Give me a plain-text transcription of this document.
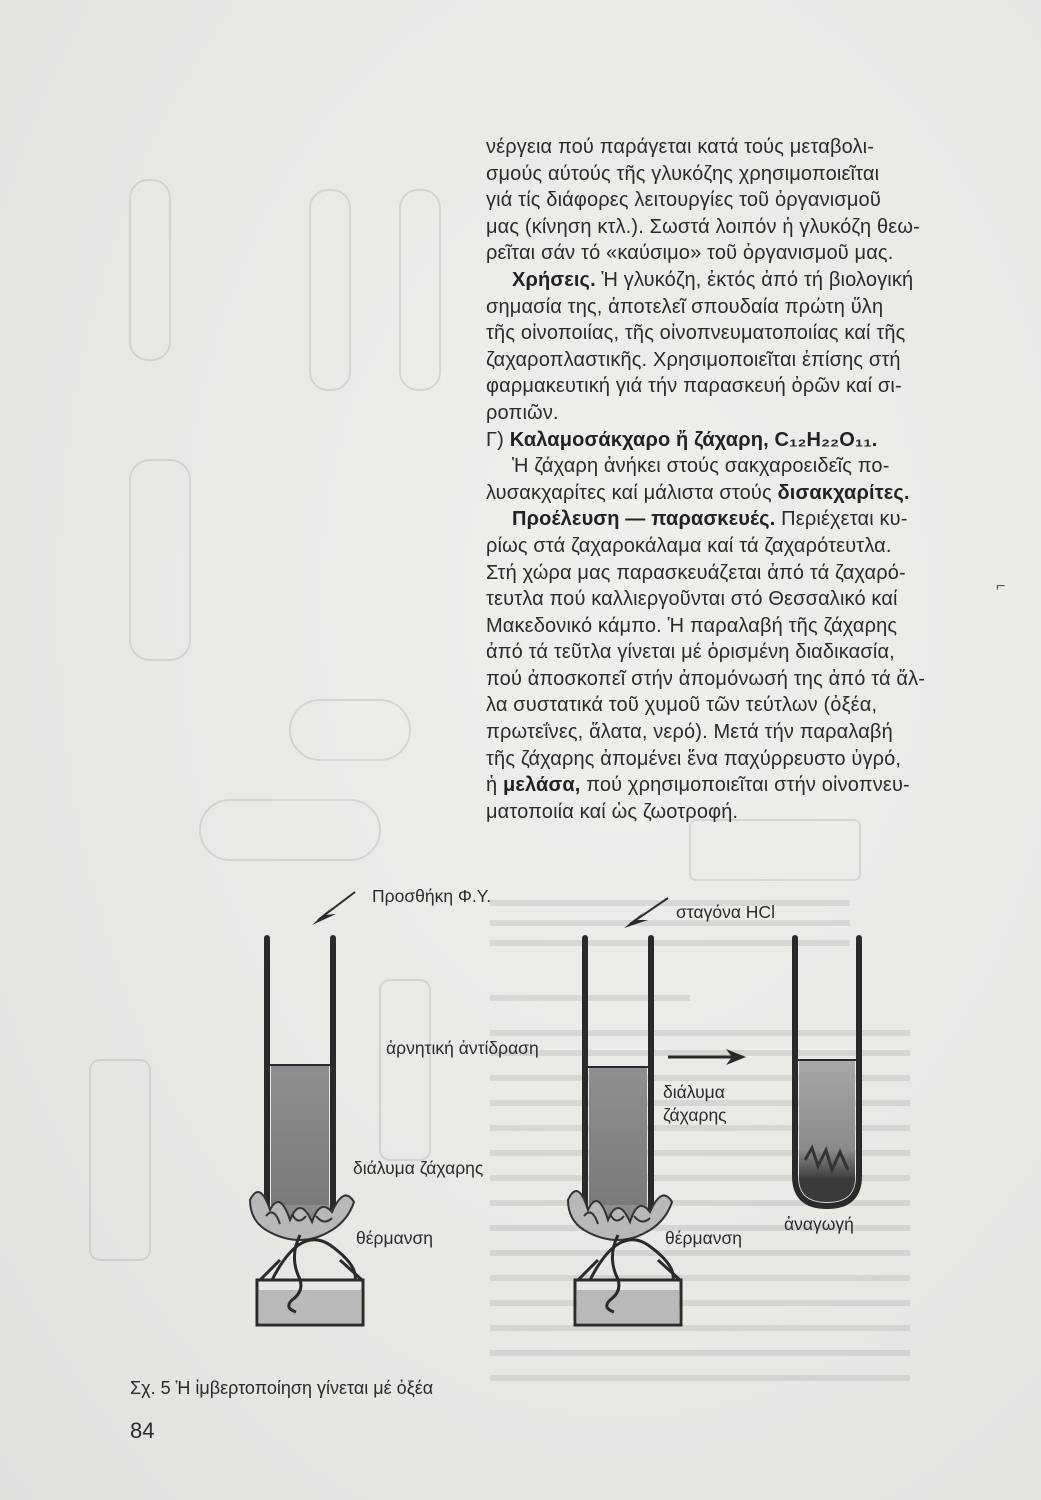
νέργεια πού παράγεται κατά τούς μεταβολι-

σμούς αύτούς τῆς γλυκόζης χρησιμοποιεῖται

γιά τίς διάφορες λειτουργίες τοῦ ὀργανισμοῦ

μας (κίνηση κτλ.). Σωστά λοιπόν ἡ γλυκόζη θεω-

ρεῖται σάν τό «καύσιμο» τοῦ ὀργανισμοῦ μας.

Χρήσεις. Ἡ γλυκόζη, ἐκτός ἀπό τή βιολογική

σημασία της, ἀποτελεῖ σπουδαία πρώτη ὕλη

τῆς οἰνοποιίας, τῆς οἰνοπνευματοποιίας καί τῆς

ζαχαροπλαστικῆς. Χρησιμοποιεῖται ἐπίσης στή

φαρμακευτική γιά τήν παρασκευή ὀρῶν καί σι-

ροπιῶν.

Γ) Καλαμοσάκχαρο ἤ ζάχαρη, C₁₂H₂₂O₁₁.

Ἡ ζάχαρη ἀνήκει στούς σακχαροειδεῖς πο-

λυσακχαρίτες καί μάλιστα στούς δισακχαρίτες.

Προέλευση — παρασκευές. Περιέχεται κυ-

ρίως στά ζαχαροκάλαμα καί τά ζαχαρότευτλα.

Στή χώρα μας παρασκευάζεται ἀπό τά ζαχαρό-

τευτλα πού καλλιεργοῦνται στό Θεσσαλικό καί

Μακεδονικό κάμπο. Ἡ παραλαβή τῆς ζάχαρης

ἀπό τά τεῦτλα γίνεται μέ ὁρισμένη διαδικασία,

πού ἀποσκοπεῖ στήν ἀπομόνωσή της ἀπό τά ἄλ-

λα συστατικά τοῦ χυμοῦ τῶν τεύτλων (ὀξέα,

πρωτεΐνες, ἅλατα, νερό). Μετά τήν παραλαβή

τῆς ζάχαρης ἀπομένει ἕνα παχύρρευστο ὑγρό,

ἡ μελάσα, πού χρησιμοποιεῖται στήν οἰνοπνευ-

ματοποιία καί ὡς ζωοτροφή.

⌐
Προσθήκη Φ.Υ.
ἀρνητική ἀντίδραση
διάλυμα ζάχαρης
θέρμανση
σταγόνα HCl
διάλυμα
ζάχαρης
θέρμανση
ἀναγωγή
Σχ. 5 Ἡ ἰμβερτοποίηση γίνεται μέ ὀξέα
84
